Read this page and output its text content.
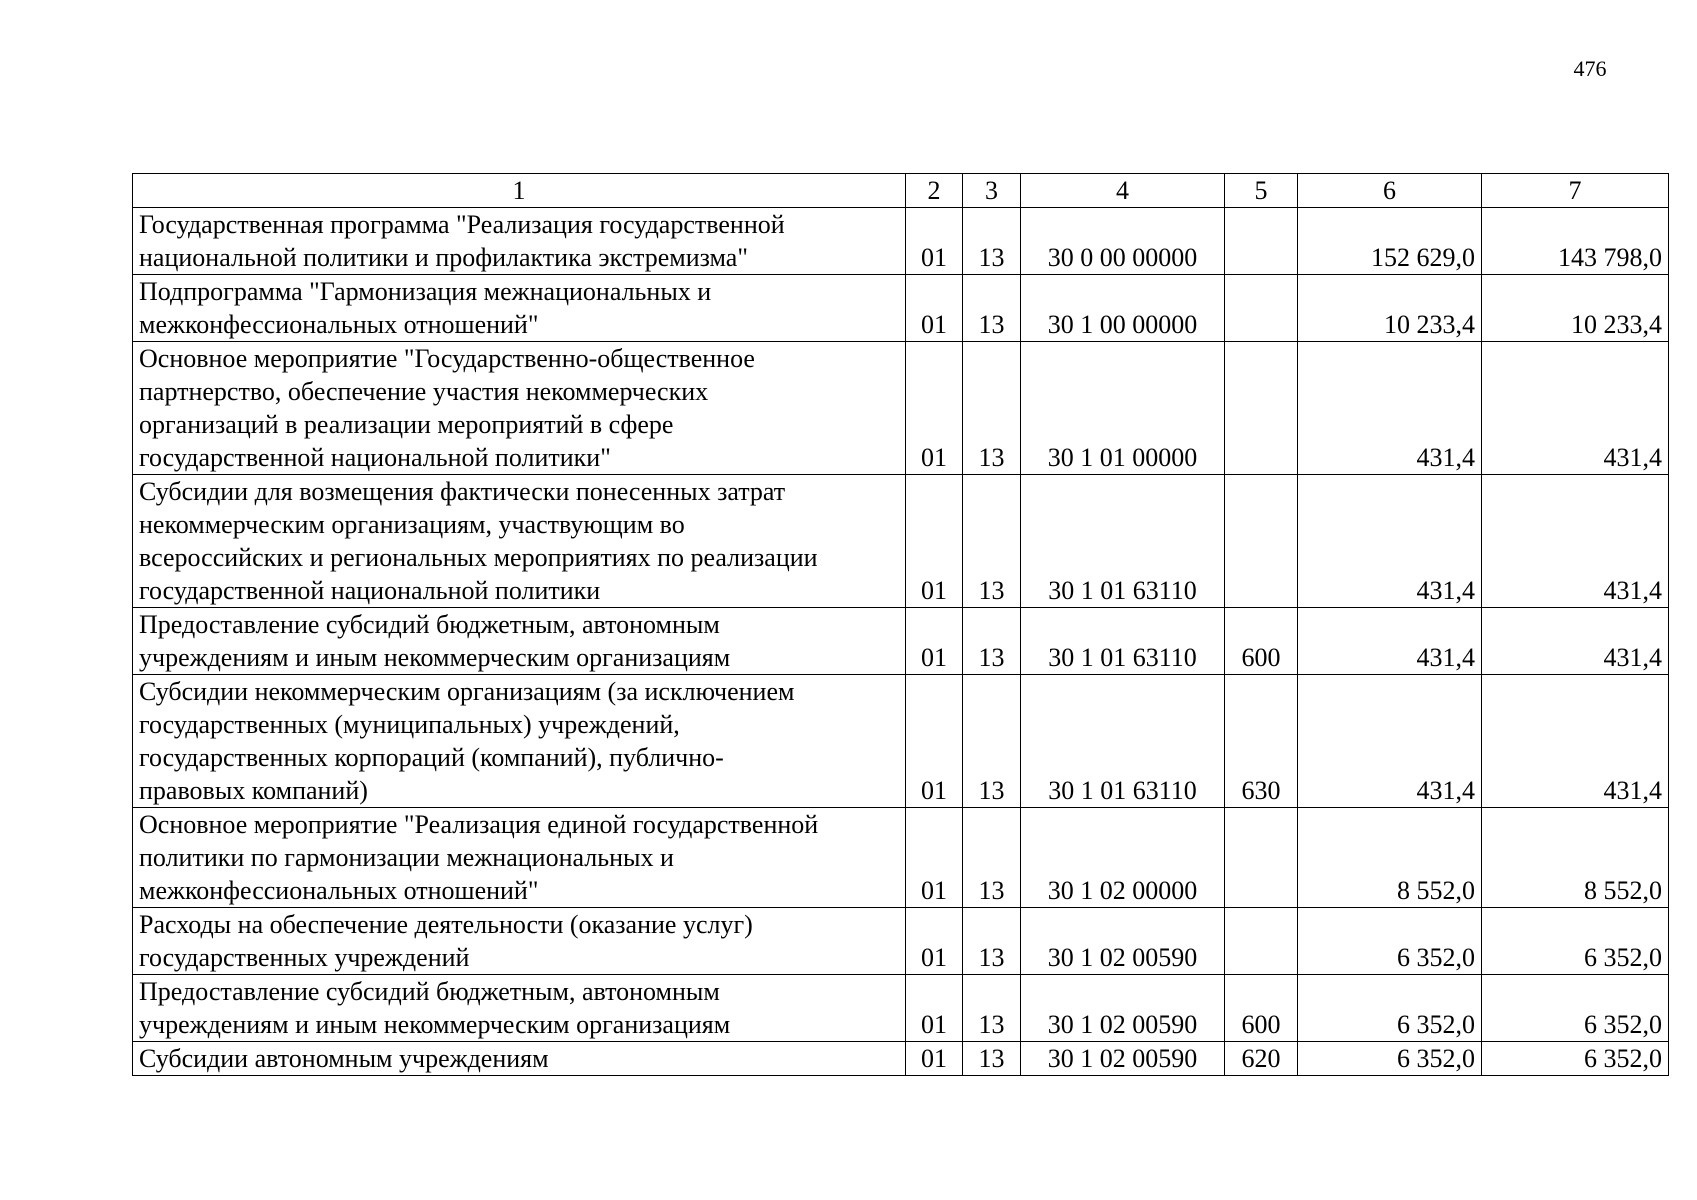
476
1	2	3	4	5	6	7

Государственная программа "Реализация государственной
национальной политики и профилактика экстремизма"	01	13	30 0 00 00000		152 629,0	143 798,0

Подпрограмма "Гармонизация межнациональных и
межконфессиональных отношений"	01	13	30 1 00 00000		10 233,4	10 233,4

Основное мероприятие "Государственно-общественное
партнерство, обеспечение участия некоммерческих
организаций в реализации мероприятий в сфере
государственной национальной политики"	01	13	30 1 01 00000		431,4	431,4

Субсидии для возмещения фактически понесенных затрат
некоммерческим организациям, участвующим во
всероссийских и региональных мероприятиях по реализации
государственной национальной политики	01	13	30 1 01 63110		431,4	431,4

Предоставление субсидий бюджетным, автономным
учреждениям и иным некоммерческим организациям	01	13	30 1 01 63110	600	431,4	431,4

Субсидии некоммерческим организациям (за исключением
государственных (муниципальных) учреждений,
государственных корпораций (компаний), публично-
правовых компаний)	01	13	30 1 01 63110	630	431,4	431,4

Основное мероприятие "Реализация единой государственной
политики по гармонизации межнациональных и
межконфессиональных отношений"	01	13	30 1 02 00000		8 552,0	8 552,0

Расходы на обеспечение деятельности (оказание услуг)
государственных учреждений	01	13	30 1 02 00590		6 352,0	6 352,0

Предоставление субсидий бюджетным, автономным
учреждениям и иным некоммерческим организациям	01	13	30 1 02 00590	600	6 352,0	6 352,0

Субсидии автономным учреждениям	01	13	30 1 02 00590	620	6 352,0	6 352,0
